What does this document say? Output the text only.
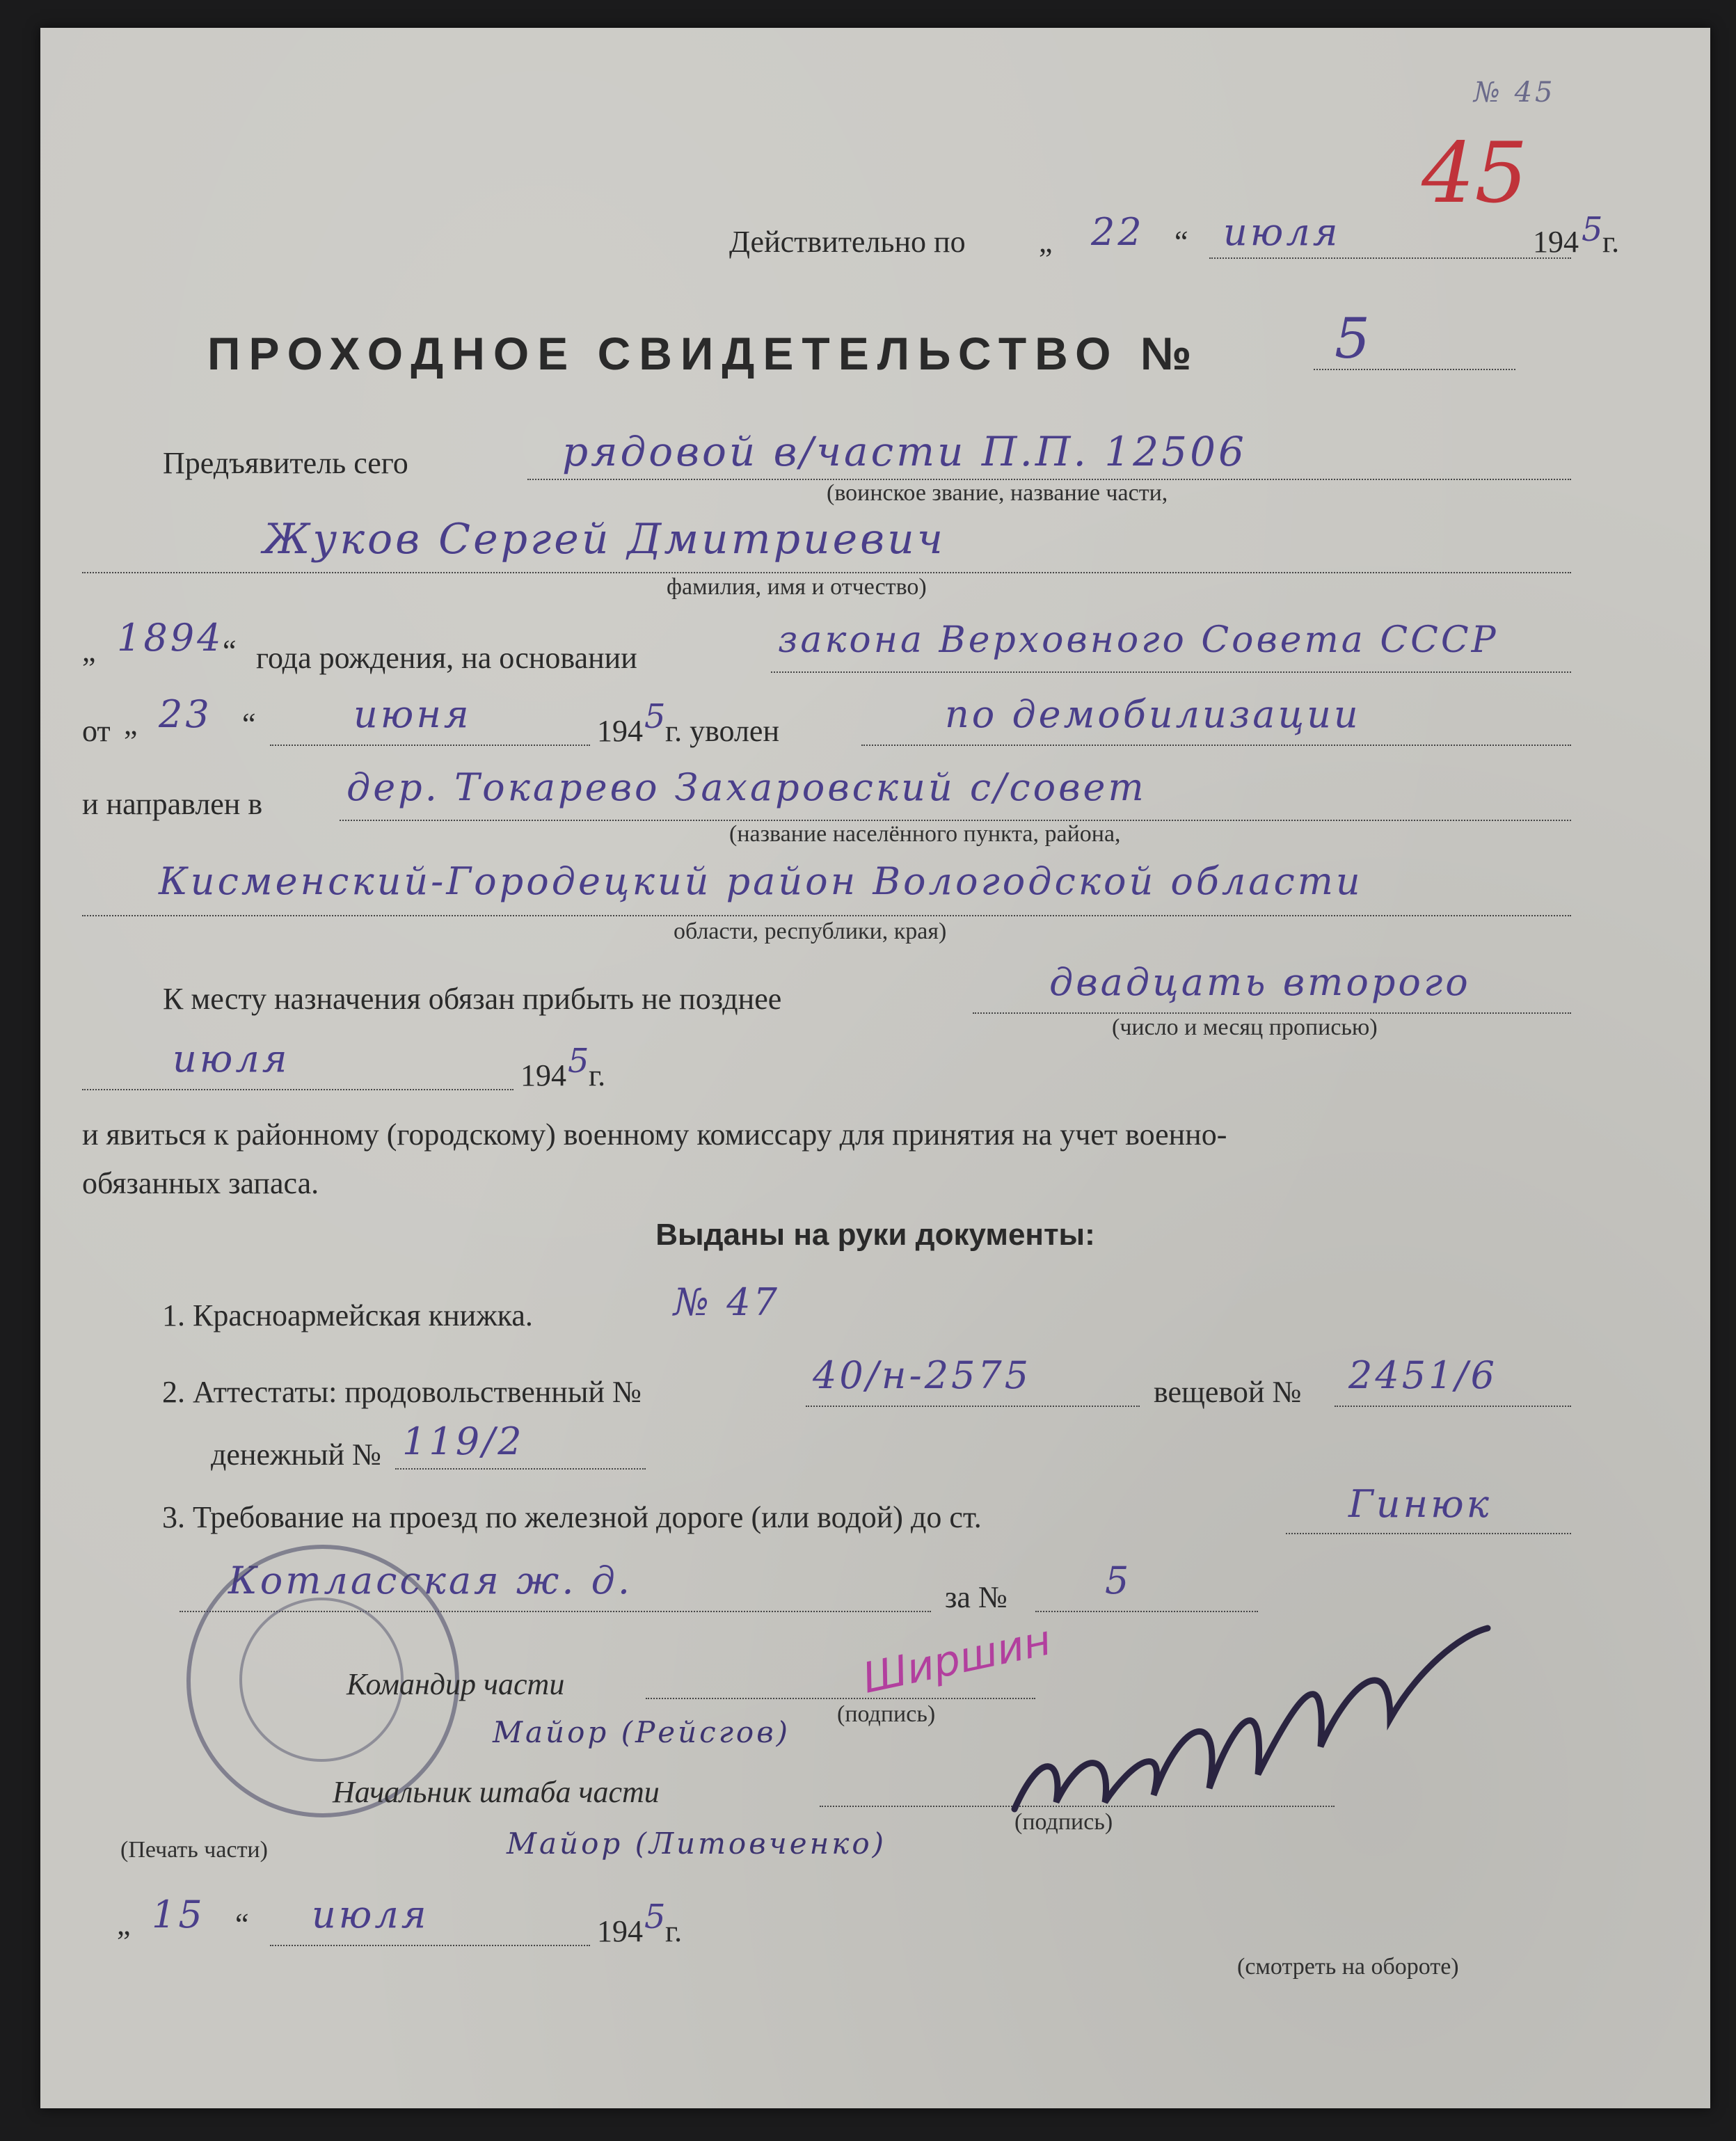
№ 45
45
Действительно по „ 22 “ июля	194 5
г.
ПРОХОДНОЕ СВИДЕТЕЛЬСТВО № 5
Предъявитель сего	рядовой в/части П.П. 12506
(воинское звание, название части,
Жуков Сергей Дмитриевич
фамилия, имя и отчество)
„ 1894
“ года рождения, на основании	закона Верховного Совета СССР
от „ 23 “	июня	194 5
г. уволен	по демобилизации
и направлен в дер. Токарево Захаровский с/совет
(название населённого пункта, района,
Кисменский-Городецкий район Вологодской области
области, республики, края)
К месту назначения обязан прибыть не позднее	двадцать второго
(число и месяц прописью)
июля	194 5
г.
и явиться к районному (городскому) военному комиссару для принятия на учет военно-
обязанных запаса.
Выданы на руки документы:
1. Красноармейская книжка.	№ 47
2. Аттестаты: продовольственный №	40/н-2575	вещевой № 2451/6
денежный № 119/2
3. Требование на проезд по железной дороге (или водой) до ст.	Гинюк
Котласская ж. д.	за №	5
Командир части
(подпись)
Майор (Рейсгов)
Начальник штаба части
(подпись)
(Печать части)	Майор (Литовченко)
Ширшин
„ 15 “ июля	194 5
г.
(смотреть на обороте)
